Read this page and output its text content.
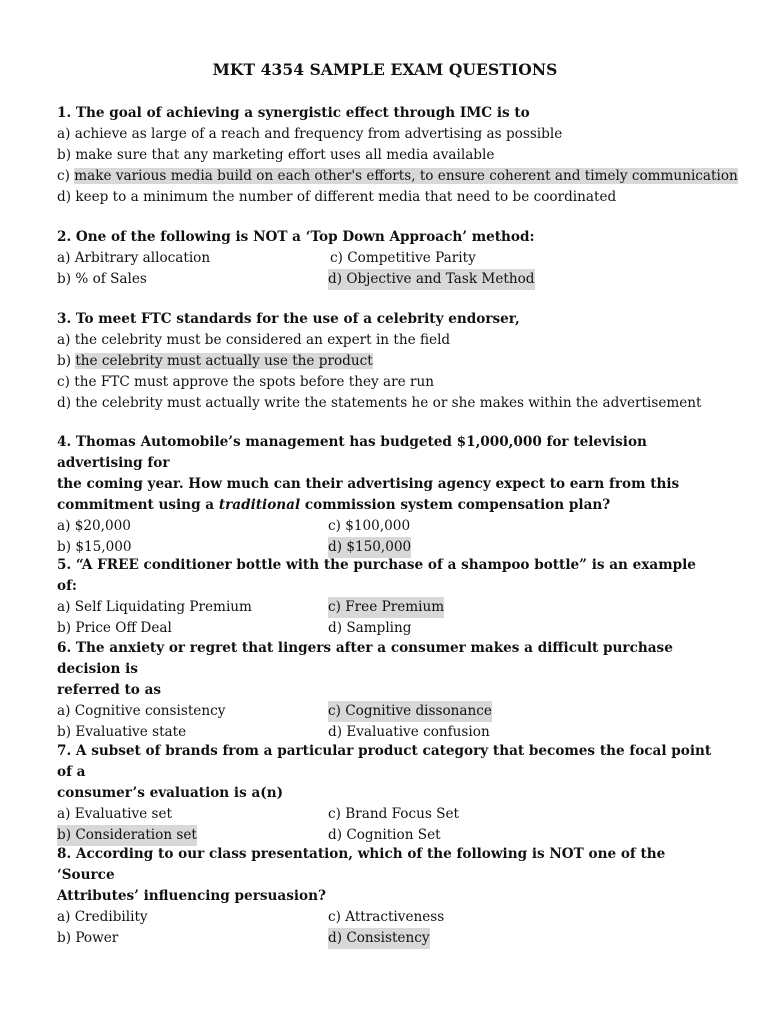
MKT 4354 SAMPLE EXAM QUESTIONS
1. The goal of achieving a synergistic effect through IMC is to
a) achieve as large of a reach and frequency from advertising as possible
b) make sure that any marketing effort uses all media available
c) make various media build on each other's efforts, to ensure coherent and timely communication
d) keep to a minimum the number of different media that need to be coordinated
2. One of the following is NOT a ‘Top Down Approach’ method:
a) Arbitrary allocation	c) Competitive Parity
b) % of Sales	d) Objective and Task Method
3. To meet FTC standards for the use of a celebrity endorser,
a) the celebrity must be considered an expert in the field
b) the celebrity must actually use the product
c) the FTC must approve the spots before they are run
d) the celebrity must actually write the statements he or she makes within the advertisement
4. Thomas Automobile’s management has budgeted $1,000,000 for television advertising for
the coming year. How much can their advertising agency expect to earn from this
commitment using a traditional commission system compensation plan?
a) $20,000	c) $100,000
b) $15,000	d) $150,000
5. “A FREE conditioner bottle with the purchase of a shampoo bottle” is an example of:
a) Self Liquidating Premium	c) Free Premium
b) Price Off Deal	d) Sampling
6. The anxiety or regret that lingers after a consumer makes a difficult purchase decision is
referred to as
a) Cognitive consistency	c) Cognitive dissonance
b) Evaluative state	d) Evaluative confusion
7. A subset of brands from a particular product category that becomes the focal point of a
consumer’s evaluation is a(n)
a) Evaluative set	c) Brand Focus Set
b) Consideration set	d) Cognition Set
8. According to our class presentation, which of the following is NOT one of the ‘Source
Attributes’ influencing persuasion?
a) Credibility	c) Attractiveness
b) Power	d) Consistency
